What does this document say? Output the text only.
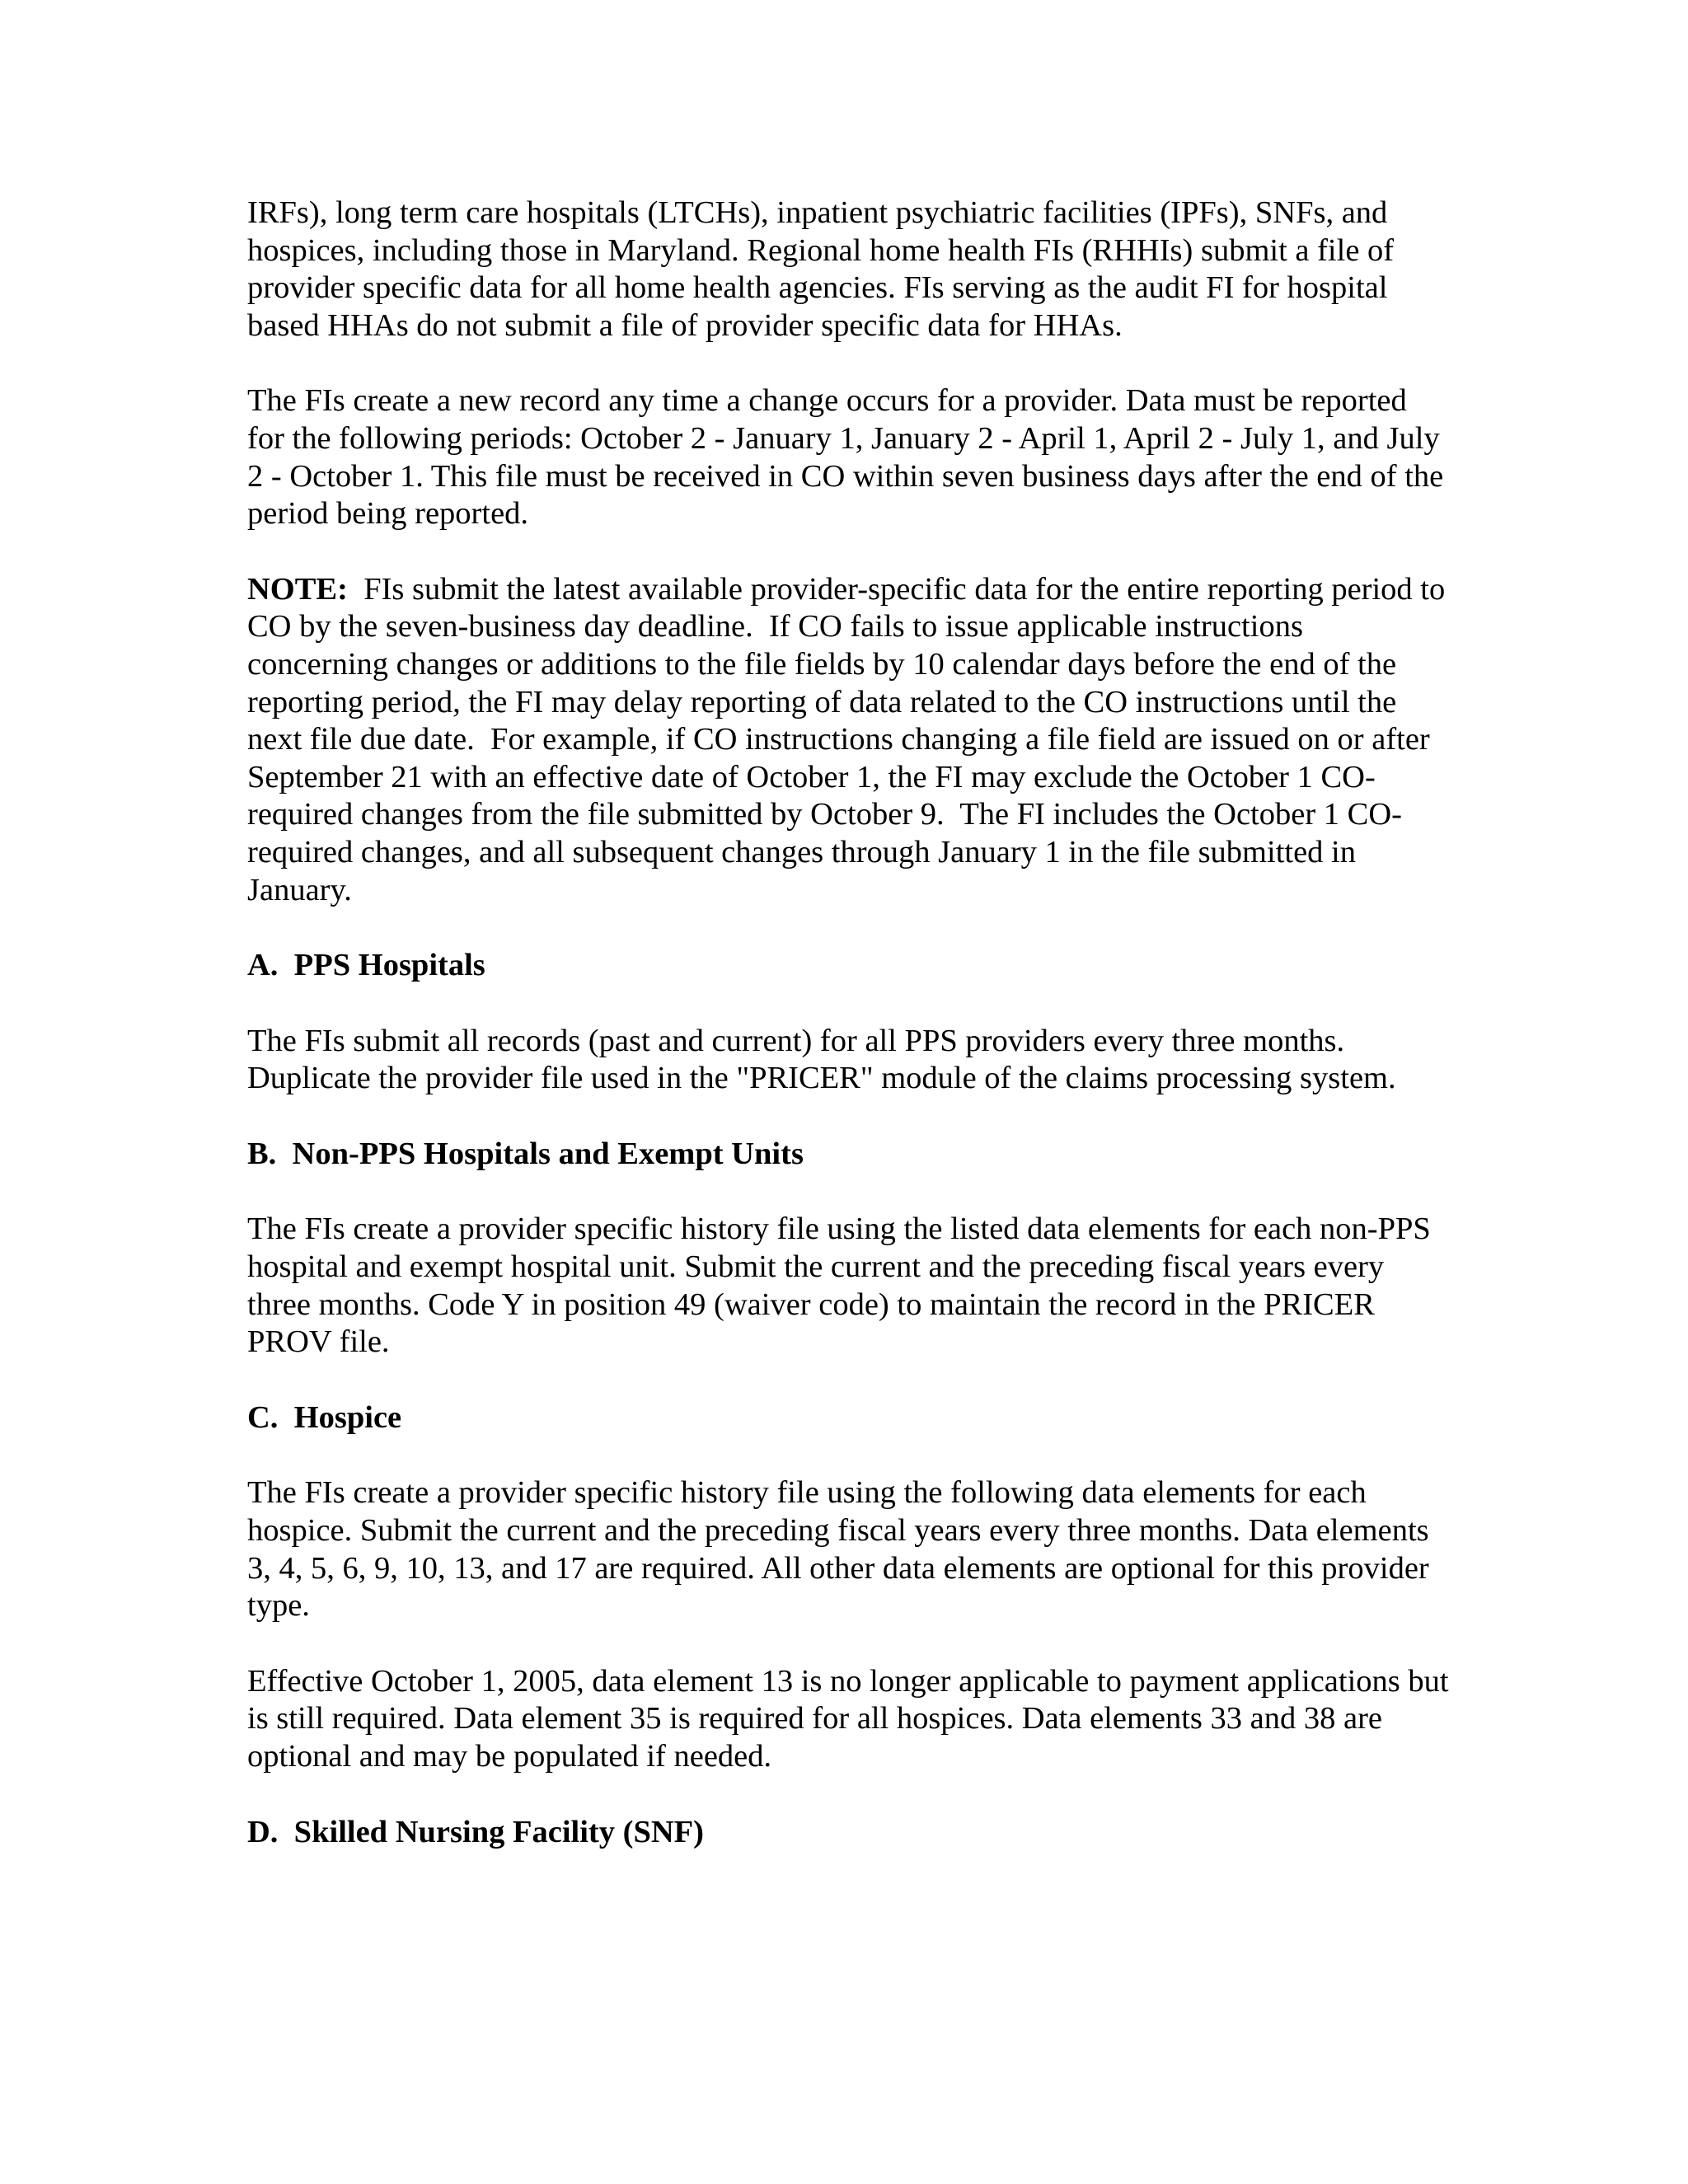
IRFs), long term care hospitals (LTCHs), inpatient psychiatric facilities (IPFs), SNFs, and hospices, including those in Maryland. Regional home health FIs (RHHIs) submit a file of provider specific data for all home health agencies. FIs serving as the audit FI for hospital based HHAs do not submit a file of provider specific data for HHAs.

The FIs create a new record any time a change occurs for a provider. Data must be reported for the following periods: October 2 - January 1, January 2 - April 1, April 2 - July 1, and July 2 - October 1. This file must be received in CO within seven business days after the end of the period being reported.

NOTE:  FIs submit the latest available provider-specific data for the entire reporting period to CO by the seven-business day deadline.  If CO fails to issue applicable instructions concerning changes or additions to the file fields by 10 calendar days before the end of the reporting period, the FI may delay reporting of data related to the CO instructions until the next file due date.  For example, if CO instructions changing a file field are issued on or after September 21 with an effective date of October 1, the FI may exclude the October 1 CO-required changes from the file submitted by October 9.  The FI includes the October 1 CO-required changes, and all subsequent changes through January 1 in the file submitted in January.

A.  PPS Hospitals

The FIs submit all records (past and current) for all PPS providers every three months. Duplicate the provider file used in the "PRICER" module of the claims processing system.

B.  Non-PPS Hospitals and Exempt Units

The FIs create a provider specific history file using the listed data elements for each non-PPS hospital and exempt hospital unit. Submit the current and the preceding fiscal years every three months. Code Y in position 49 (waiver code) to maintain the record in the PRICER PROV file.

C.  Hospice

The FIs create a provider specific history file using the following data elements for each hospice. Submit the current and the preceding fiscal years every three months. Data elements 3, 4, 5, 6, 9, 10, 13, and 17 are required. All other data elements are optional for this provider type.

Effective October 1, 2005, data element 13 is no longer applicable to payment applications but is still required. Data element 35 is required for all hospices. Data elements 33 and 38 are optional and may be populated if needed.

D.  Skilled Nursing Facility (SNF)
